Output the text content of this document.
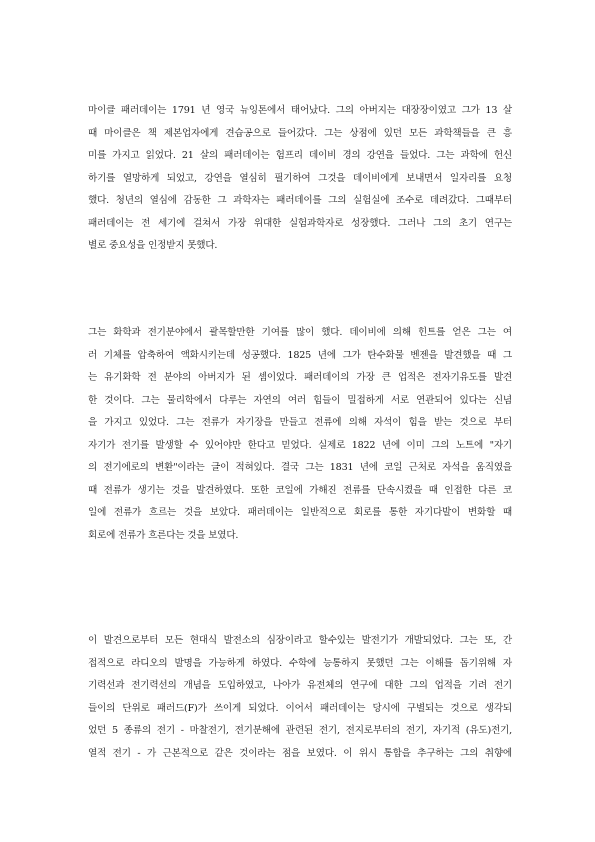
마이클 패러데이는 1791 년 영국 뉴잉톤에서 태어났다. 그의 아버지는 대장장이였고 그가 13 살
때 마이클은 책 제본업자에게 견습공으로 들어갔다. 그는 상점에 있던 모든 과학책들을 큰 흥
미를 가지고 읽었다. 21 살의 패러데이는 험프리 데이비 경의 강연을 들었다. 그는 과학에 헌신
하기를 열망하게 되었고, 강연을 열심히 필기하여 그것을 데이비에게 보내면서 일자리를 요청
했다. 청년의 열심에 감동한 그 과학자는 패러데이를 그의 실험실에 조수로 데려갔다. 그때부터
패러데이는 전 세기에 걸쳐서 가장 위대한 실험과학자로 성장했다. 그러나 그의 초기 연구는
별로 중요성을 인정받지 못했다.
그는 화학과 전기분야에서 괄목할만한 기여를 많이 했다. 데이비에 의해 힌트를 얻은 그는 여
러 기체를 압축하여 액화시키는데 성공했다. 1825 년에 그가 탄수화물 벤젠을 발견했을 때 그
는 유기화학 전 분야의 아버지가 된 셈이었다. 패러데이의 가장 큰 업적은 전자기유도를 발견
한 것이다. 그는 물리학에서 다루는 자연의 여러 힘들이 밀접하게 서로 연관되어 있다는 신념
을 가지고 있었다. 그는 전류가 자기장을 만들고 전류에 의해 자석이 힘을 받는 것으로 부터
자기가 전기를 발생할 수 있어야만 한다고 믿었다. 실제로 1822 년에 이미 그의 노트에 "자기
의 전기에로의 변환"이라는 글이 적혀있다. 결국 그는 1831 년에 코일 근처로 자석을 움직였을
때 전류가 생기는 것을 발견하였다. 또한 코일에 가해진 전류를 단속시켰을 때 인접한 다른 코
일에 전류가 흐르는 것을 보았다. 패러데이는 일반적으로 회로를 통한 자기다발이 변화할 때
회로에 전류가 흐른다는 것을 보였다.
이 발견으로부터 모든 현대식 발전소의 심장이라고 할수있는 발전기가 개발되었다. 그는 또, 간
접적으로 라디오의 발명을 가능하게 하였다. 수학에 능통하지 못했던 그는 이해를 돕기위해 자
기력선과 전기력선의 개념을 도입하였고, 나아가 유전체의 연구에 대한 그의 업적을 기려 전기
들이의 단위로 패러드(F)가 쓰이게 되었다. 이어서 패러데이는 당시에 구별되는 것으로 생각되
었던 5 종류의 전기 - 마찰전기, 전기분해에 관련된 전기, 전지로부터의 전기, 자기적 (유도)전기,
열적 전기 - 가 근본적으로 같은 것이라는 점을 보였다. 이 위시 통합을 추구하는 그의 취향에
